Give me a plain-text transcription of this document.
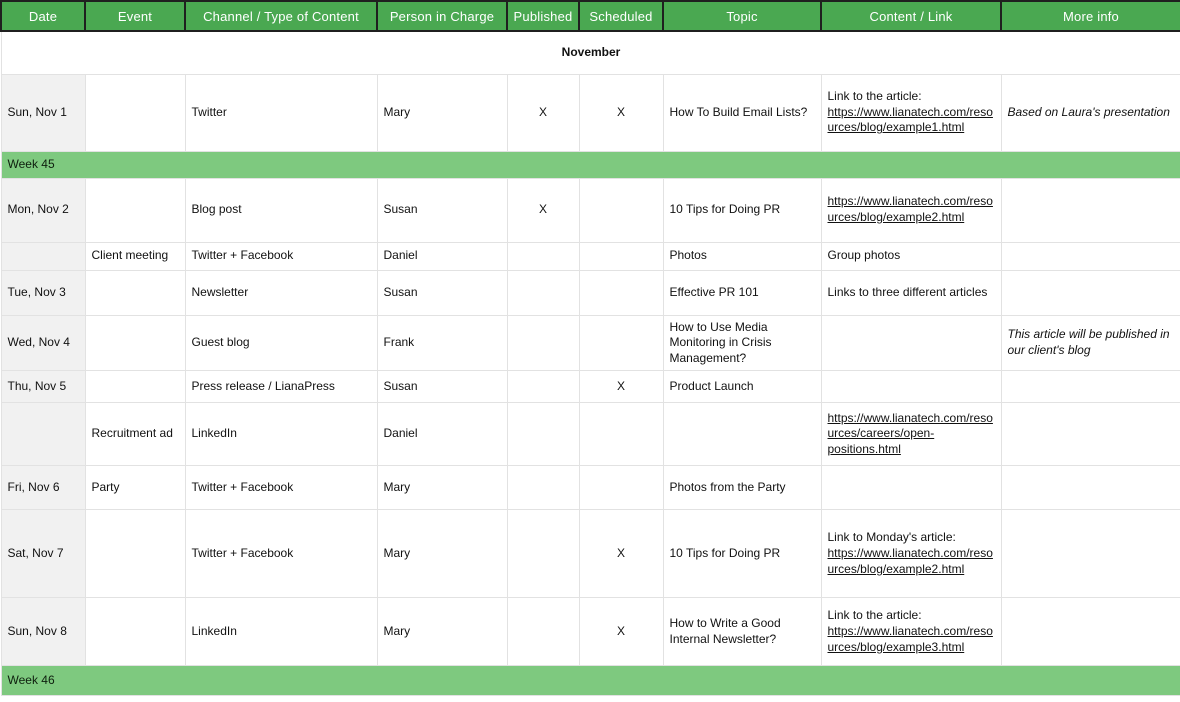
Date	Event	Channel / Type of Content	Person in Charge	Published	Scheduled	Topic	Content / Link	More info
November								
Sun, Nov 1		Twitter	Mary	X	X	How To Build Email Lists?	Link to the article: https://www.lianatech.com/resources/blog/example1.html	Based on Laura's presentation
Week 45								
Mon, Nov 2		Blog post	Susan	X		10 Tips for Doing PR	https://www.lianatech.com/resources/blog/example2.html	
	Client meeting	Twitter + Facebook	Daniel			Photos	Group photos	
Tue, Nov 3		Newsletter	Susan			Effective PR 101	Links to three different articles	
Wed, Nov 4		Guest blog	Frank			How to Use Media Monitoring in Crisis Management?		This article will be published in our client's blog
Thu, Nov 5		Press release / LianaPress	Susan		X	Product Launch		
	Recruitment ad	LinkedIn	Daniel				https://www.lianatech.com/resources/careers/open-positions.html	
Fri, Nov 6	Party	Twitter + Facebook	Mary			Photos from the Party		
Sat, Nov 7		Twitter + Facebook	Mary		X	10 Tips for Doing PR	Link to Monday's article: https://www.lianatech.com/resources/blog/example2.html	
Sun, Nov 8		LinkedIn	Mary		X	How to Write a Good Internal Newsletter?	Link to the article: https://www.lianatech.com/resources/blog/example3.html	
Week 46								
